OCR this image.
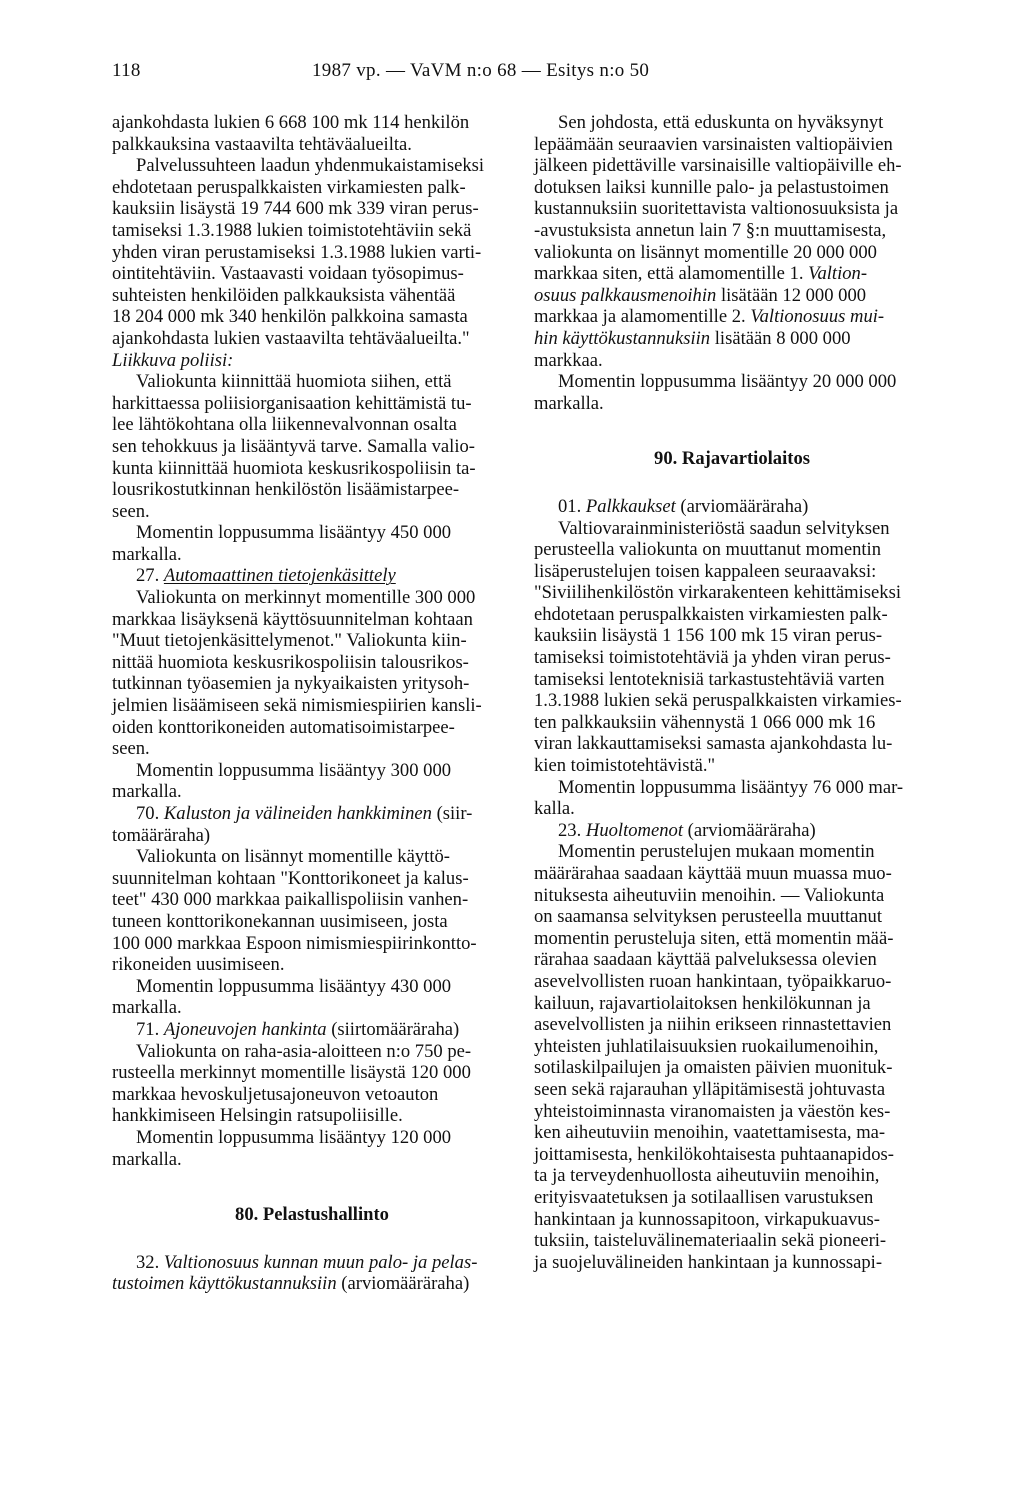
118	1987 vp. — VaVM n:o 68 — Esitys n:o 50
ajankohdasta lukien 6 668 100 mk 114 henkilön
palkkauksina vastaavilta tehtäväalueilta.
Palvelussuhteen laadun yhdenmukaistamiseksi
ehdotetaan peruspalkkaisten virkamiesten palk-
kauksiin lisäystä 19 744 600 mk 339 viran perus-
tamiseksi 1.3.1988 lukien toimistotehtäviin sekä
yhden viran perustamiseksi 1.3.1988 lukien varti-
ointitehtäviin. Vastaavasti voidaan työsopimus-
suhteisten henkilöiden palkkauksista vähentää
18 204 000 mk 340 henkilön palkkoina samasta
ajankohdasta lukien vastaavilta tehtäväalueilta."
Liikkuva poliisi:
Valiokunta kiinnittää huomiota siihen, että
harkittaessa poliisiorganisaation kehittämistä tu-
lee lähtökohtana olla liikennevalvonnan osalta
sen tehokkuus ja lisääntyvä tarve. Samalla valio-
kunta kiinnittää huomiota keskusrikospoliisin ta-
lousrikostutkinnan henkilöstön lisäämistarpee-
seen.
Momentin loppusumma lisääntyy 450 000
markalla.
27. Automaattinen tietojenkäsittely
Valiokunta on merkinnyt momentille 300 000
markkaa lisäyksenä käyttösuunnitelman kohtaan
"Muut tietojenkäsittelymenot." Valiokunta kiin-
nittää huomiota keskusrikospoliisin talousrikos-
tutkinnan työasemien ja nykyaikaisten yritysoh-
jelmien lisäämiseen sekä nimismiespiirien kansli-
oiden konttorikoneiden automatisoimistarpee-
seen.
Momentin loppusumma lisääntyy 300 000
markalla.
70. Kaluston ja välineiden hankkiminen (siir-
tomääräraha)
Valiokunta on lisännyt momentille käyttö-
suunnitelman kohtaan "Konttorikoneet ja kalus-
teet" 430 000 markkaa paikallispoliisin vanhen-
tuneen konttorikonekannan uusimiseen, josta
100 000 markkaa Espoon nimismiespiirinkontto-
rikoneiden uusimiseen.
Momentin loppusumma lisääntyy 430 000
markalla.
71. Ajoneuvojen hankinta (siirtomääräraha)
Valiokunta on raha-asia-aloitteen n:o 750 pe-
rusteella merkinnyt momentille lisäystä 120 000
markkaa hevoskuljetusajoneuvon vetoauton
hankkimiseen Helsingin ratsupoliisille.
Momentin loppusumma lisääntyy 120 000
markalla.
80. Pelastushallinto
32. Valtionosuus kunnan muun palo- ja pelas-
tustoimen käyttökustannuksiin (arviomääräraha)
Sen johdosta, että eduskunta on hyväksynyt
lepäämään seuraavien varsinaisten valtiopäivien
jälkeen pidettäville varsinaisille valtiopäiville eh-
dotuksen laiksi kunnille palo- ja pelastustoimen
kustannuksiin suoritettavista valtionosuuksista ja
-avustuksista annetun lain 7 §:n muuttamisesta,
valiokunta on lisännyt momentille 20 000 000
markkaa siten, että alamomentille 1. Valtion-
osuus palkkausmenoihin lisätään 12 000 000
markkaa ja alamomentille 2. Valtionosuus mui-
hin käyttökustannuksiin lisätään 8 000 000
markkaa.
Momentin loppusumma lisääntyy 20 000 000
markalla.
90. Rajavartiolaitos
01. Palkkaukset (arviomääräraha)
Valtiovarainministeriöstä saadun selvityksen
perusteella valiokunta on muuttanut momentin
lisäperustelujen toisen kappaleen seuraavaksi:
"Siviilihenkilöstön virkarakenteen kehittämiseksi
ehdotetaan peruspalkkaisten virkamiesten palk-
kauksiin lisäystä 1 156 100 mk 15 viran perus-
tamiseksi toimistotehtäviä ja yhden viran perus-
tamiseksi lentoteknisiä tarkastustehtäviä varten
1.3.1988 lukien sekä peruspalkkaisten virkamies-
ten palkkauksiin vähennystä 1 066 000 mk 16
viran lakkauttamiseksi samasta ajankohdasta lu-
kien toimistotehtävistä."
Momentin loppusumma lisääntyy 76 000 mar-
kalla.
23. Huoltomenot (arviomääräraha)
Momentin perustelujen mukaan momentin
määrärahaa saadaan käyttää muun muassa muo-
nituksesta aiheutuviin menoihin. — Valiokunta
on saamansa selvityksen perusteella muuttanut
momentin perusteluja siten, että momentin mää-
rärahaa saadaan käyttää palveluksessa olevien
asevelvollisten ruoan hankintaan, työpaikkaruo-
kailuun, rajavartiolaitoksen henkilökunnan ja
asevelvollisten ja niihin erikseen rinnastettavien
yhteisten juhlatilaisuuksien ruokailumenoihin,
sotilaskilpailujen ja omaisten päivien muonituk-
seen sekä rajarauhan ylläpitämisestä johtuvasta
yhteistoiminnasta viranomaisten ja väestön kes-
ken aiheutuviin menoihin, vaatettamisesta, ma-
joittamisesta, henkilökohtaisesta puhtaanapidos-
ta ja terveydenhuollosta aiheutuviin menoihin,
erityisvaatetuksen ja sotilaallisen varustuksen
hankintaan ja kunnossapitoon, virkapukuavus-
tuksiin, taisteluvälinemateriaalin sekä pioneeri-
ja suojeluvälineiden hankintaan ja kunnossapi-
